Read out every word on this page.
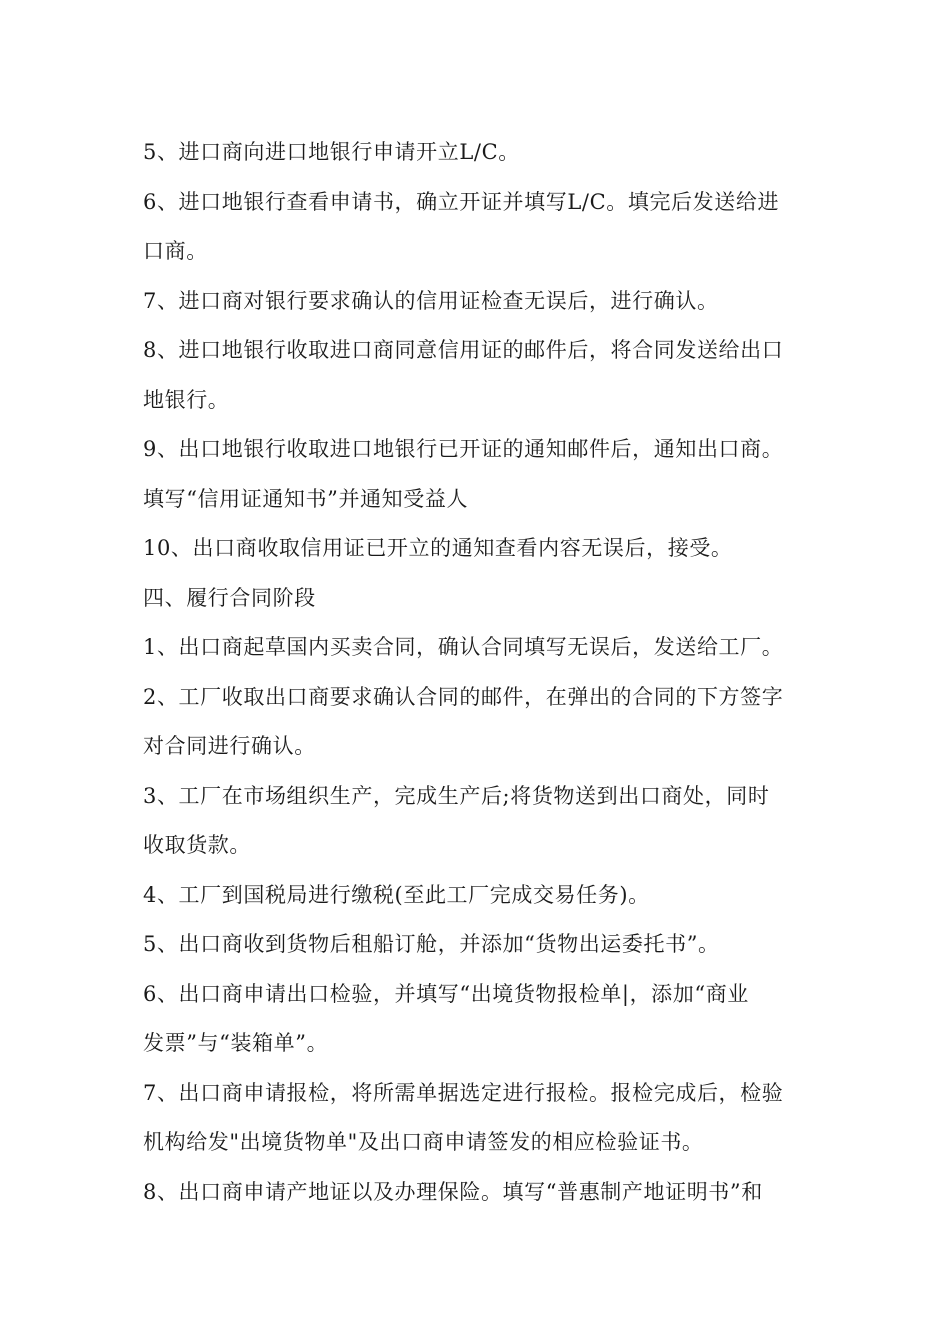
5、进口商向进口地银行申请开立L/C。
6、进口地银行查看申请书，确立开证并填写L/C。填完后发送给进
口商。
7、进口商对银行要求确认的信用证检查无误后，进行确认。
8、进口地银行收取进口商同意信用证的邮件后，将合同发送给出口
地银行。
9、出口地银行收取进口地银行已开证的通知邮件后，通知出口商。
填写“信用证通知书”并通知受益人
10、出口商收取信用证已开立的通知查看内容无误后，接受。
四、履行合同阶段
1、出口商起草国内买卖合同，确认合同填写无误后，发送给工厂。
2、工厂收取出口商要求确认合同的邮件，在弹出的合同的下方签字
对合同进行确认。
3、工厂在市场组织生产，完成生产后;将货物送到出口商处，同时
收取货款。
4、工厂到国税局进行缴税(至此工厂完成交易任务)。
5、出口商收到货物后租船订舱，并添加“货物出运委托书”。
6、出口商申请出口检验，并填写“出境货物报检单|，添加“商业
发票”与“装箱单”。
7、出口商申请报检，将所需单据选定进行报检。报检完成后，检验
机构给发"出境货物单"及出口商申请签发的相应检验证书。
8、出口商申请产地证以及办理保险。填写“普惠制产地证明书”和
